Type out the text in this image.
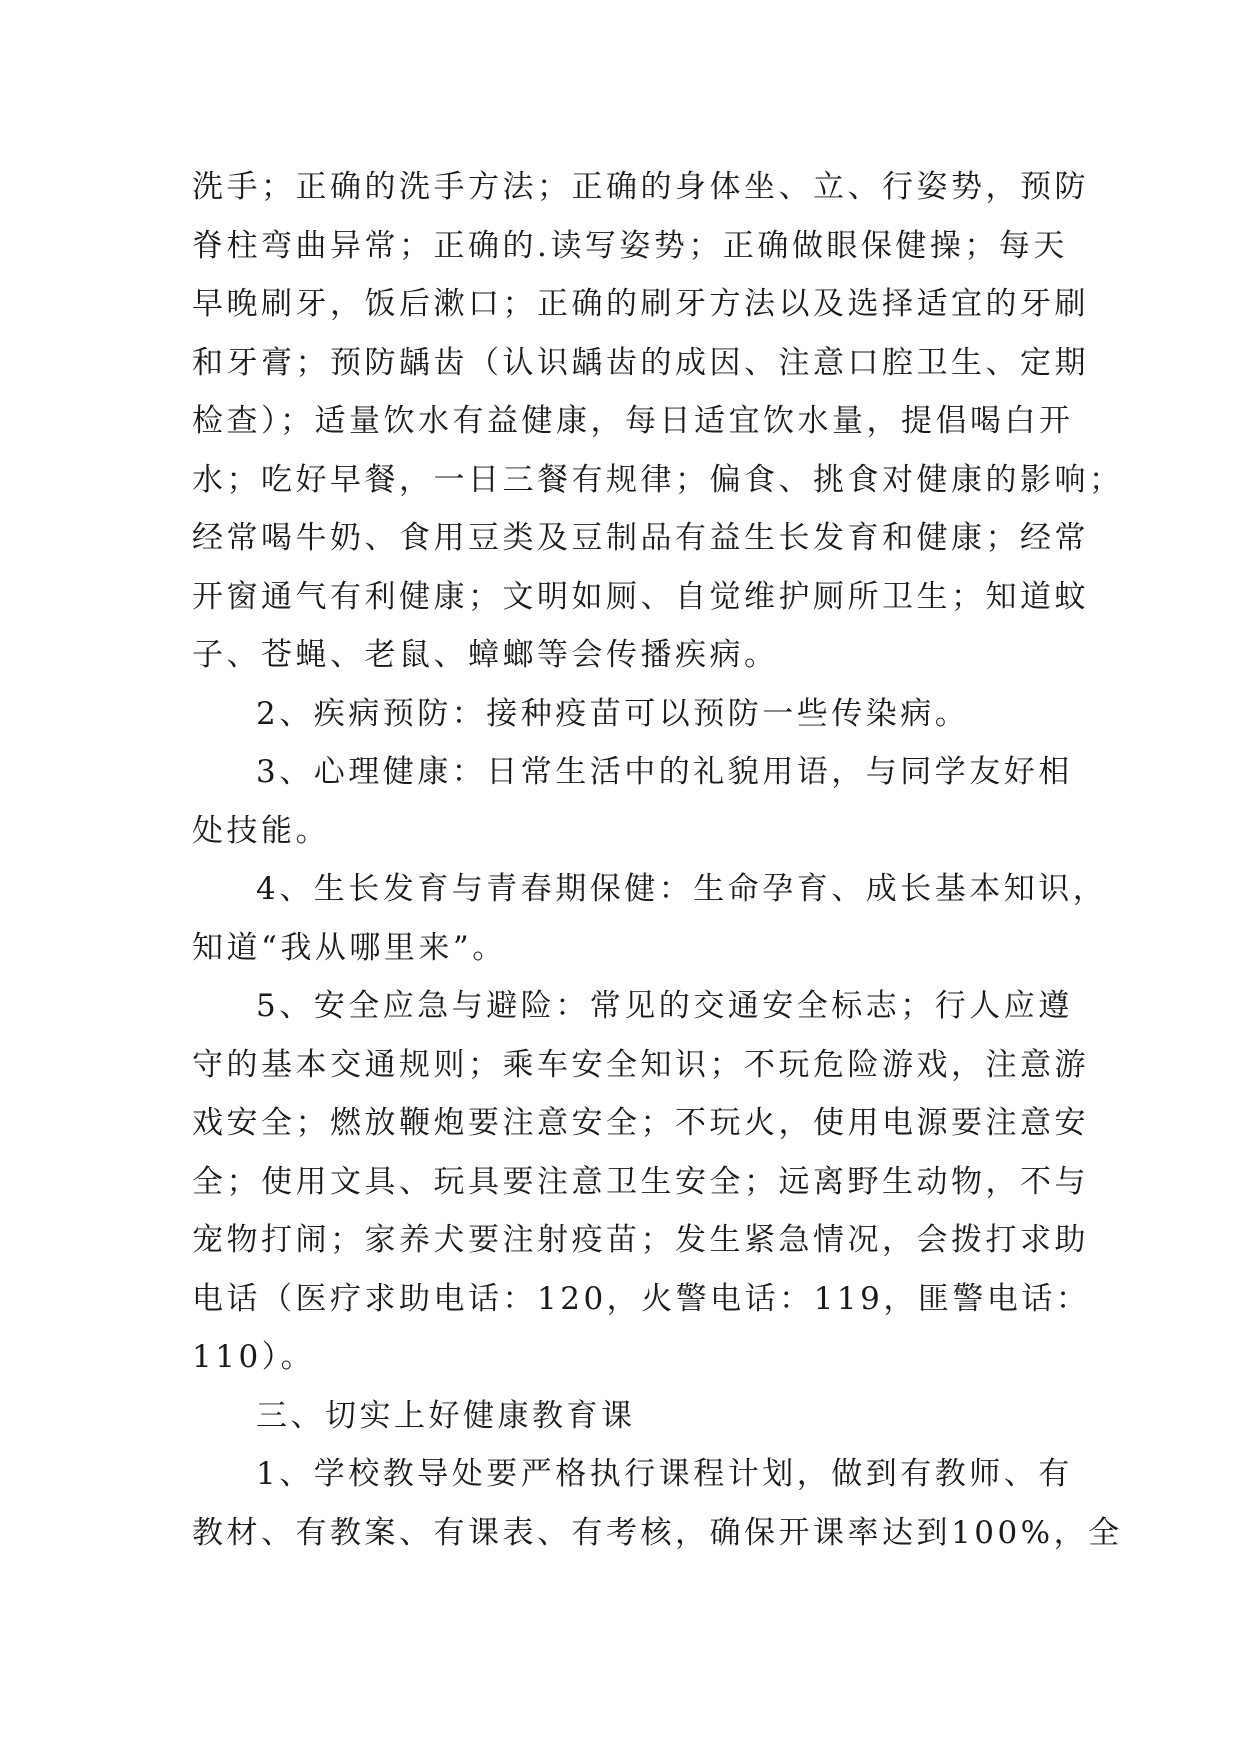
洗手；正确的洗手方法；正确的身体坐、立、行姿势，预防
脊柱弯曲异常；正确的.读写姿势；正确做眼保健操；每天
早晚刷牙，饭后漱口；正确的刷牙方法以及选择适宜的牙刷
和牙膏；预防龋齿（认识龋齿的成因、注意口腔卫生、定期
检查）；适量饮水有益健康，每日适宜饮水量，提倡喝白开
水；吃好早餐，一日三餐有规律；偏食、挑食对健康的影响；
经常喝牛奶、食用豆类及豆制品有益生长发育和健康；经常
开窗通气有利健康；文明如厕、自觉维护厕所卫生；知道蚊
子、苍蝇、老鼠、蟑螂等会传播疾病。
2、疾病预防：接种疫苗可以预防一些传染病。
3、心理健康：日常生活中的礼貌用语，与同学友好相
处技能。
4、生长发育与青春期保健：生命孕育、成长基本知识，
知道“我从哪里来”。
5、安全应急与避险：常见的交通安全标志；行人应遵
守的基本交通规则；乘车安全知识；不玩危险游戏，注意游
戏安全；燃放鞭炮要注意安全；不玩火，使用电源要注意安
全；使用文具、玩具要注意卫生安全；远离野生动物，不与
宠物打闹；家养犬要注射疫苗；发生紧急情况，会拨打求助
电话（医疗求助电话：120，火警电话：119，匪警电话：
110）。
三、切实上好健康教育课
1、学校教导处要严格执行课程计划，做到有教师、有
教材、有教案、有课表、有考核，确保开课率达到100%，全
